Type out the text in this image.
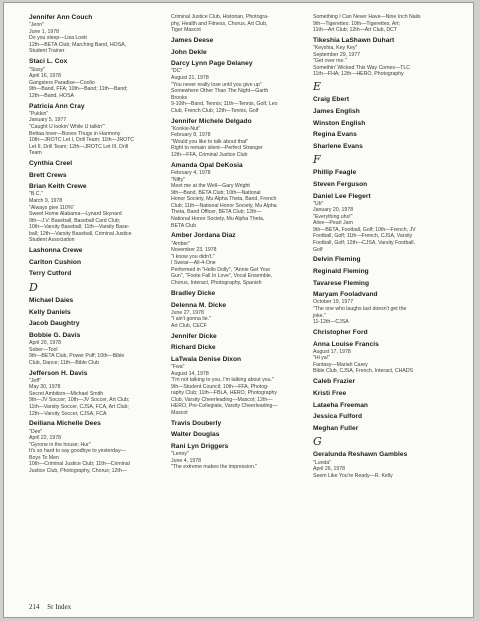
Jennifer Ann Couch
"Jenn"
June 1, 1978
Do you sleep—Lisa Loeb
12th—BETA Club; Marching Band, HOSA,
Student Trainer
Staci L. Cox
"Sissy"
April 16, 1978
Gangsters Paradise—Coolio
9th—Band, FFA; 10th—Band; 11th—Band;
12th—Band, HOSA
Patricia Ann Cray
"Pukkin"
January 5, 1977
"Caught U lookin' While U talkin'"
Bettaa lover—Bones Thugs in Harmony
10th—JROTC Let I, Drill Team; 11th—JROTC
Let II, Drill Team; 12th—JROTC Let III, Drill
Team
Cynthia Creel
Brett Crews
Brian Keith Crewe
"B.C."
March 9, 1978
"Always give 110%"
Sweet Home Alabama—Lynard Skynard
9th—J.V. Baseball, Baseball Card Club;
10th—Varsity Baseball; 11th—Varsity Base-
ball; 12th—Varsity Baseball, Criminal Justice
Student Association
Lashonna Crewe
Carlton Cushion
Terry Cutford
D
Michael Daies
Kelly Daniels
Jacob Daughtry
Bobbie G. Davis
April 20, 1978
Sober—Tool
9th—BETA Club, Power Puff; 10th—Bible
Club, Dance; 11th—Bible Club
Jefferson H. Davis
"Jeff"
May 30, 1978
Secret Ambition—Michael Smith
9th—JV Soccer; 10th—JV Soccer, Art Club;
11th—Varsity Soccer, CJSA, FCA, Art Club;
12th—Varsity Soccer, CJSA, FCA
Deiliana Michelle Dees
"Dee"
April 22, 1978
"Gyrone in the house; Hur"
It's so hard to say goodbye to yesterday—
Boys To Men
10th—Criminal Justice Club; 11th—Criminal
Justice Club, Photography, Chorus; 12th—
Criminal Justice Club, Historian, Photogra-
phy, Health and Fitness, Chorus, Art Club,
Tiger Mascot
James Deese
John Dekle
Darcy Lynn Page Delaney
"DC"
August 21, 1978
"You never really lose until you give up"
Somewhere Other Than The Night—Garth
Brooks
9-10th—Band, Tennis; 11th—Tennis, Golf, Leo
Club, French Club; 12th—Tennis, Golf
Jennifer Michele Delgado
"Kookie-Nut"
February 8, 1978
"Would you like to talk about that"
Right to remain silent—Perfect Stranger
12th—FFA, Criminal Justice Club
Amanda Opal DeKosia
February 4, 1978
"Nifty"
Meet me at the Well—Gary Wright
9th—Band, BETA Club; 10th—National
Honor Society, Mu Alpha Theta, Band, French
Club; 11th—National Honor Society, Mu Alpha
Theta, Band Officer, BETA Club; 12th—
National Honor Society, Mu Alpha Theta,
BETA Club
Amber Jordana Diaz
"Amber"
November 23, 1978
"I know you didn't."
I Swear—All-4-One
Performed in "Hello Dolly", "Annie Get Your
Gun", "Foote Fall In Love", Vocal Ensemble,
Chorus, Interact, Photography, Spanish
Bradley Dicke
Delenna M. Dicke
June 27, 1978
"I ain't gonna lie."
Art Club, CECF
Jennifer Dicke
Richard Dicke
LaTwala Denise Dixon
"Fwa"
August 14, 1978
"I'm not talking to you, I'm talking about you."
9th—Student Council; 10th—FFA, Photog-
raphy Club; 11th—FBLA, HERO, Photography
Club, Varsity Cheerleading—Mascot; 12th—
HERO, Pre-Collegiate, Varsity Cheerleading—
Mascot
Travis Douberly
Walter Douglas
Rani Lyn Driggers
"Lenny"
June 4, 1978
"The extreme makes the impression."
Something I Can Never Have—Nine Inch Nails
9th—Tigerettes; 10th—Tigerettes, Art;
11th—Art Club; 12th—Art Club, DCT
Tikeshia LaShawn Duhart
"Keyshia, Key Key"
September 29, 1977
"Get over me."
Somethin' Wicked This Way Comes—TLC
11th—FHA; 12th—HERO, Photography
E
Craig Ebert
James English
Winston English
Regina Evans
Sharlene Evans
F
Phillip Feagle
Steven Ferguson
Daniel Lee Flegert
"Uh"
January 20, 1978
"Everything uhs!"
Alive—Pearl Jam
9th—BETA, Football, Golf; 10th—French, JV
Football, Golf; 11th—French, CJSA, Varsity
Football, Golf; 12th—CJSA, Varsity Football,
Golf
Delvin Fleming
Reginald Fleming
Tavarese Fleming
Maryam Fooladvand
October 19, 1977
"The one who laughs last doesn't get the
joke."
11-12th—CJSA
Christopher Ford
Anna Louise Francis
August 17, 1978
"Hi ya!"
Fantasy—Mariah Carey
Bible Club, CJSA, French, Interact, CHADS
Caleb Frazier
Kristi Free
Lataeha Freeman
Jessica Fulford
Meghan Fuller
G
Geralunda Reshawn Gambles
"Lunda"
April 26, 1978
Seem Like You're Ready—R. Kelly
214 Sr Index
